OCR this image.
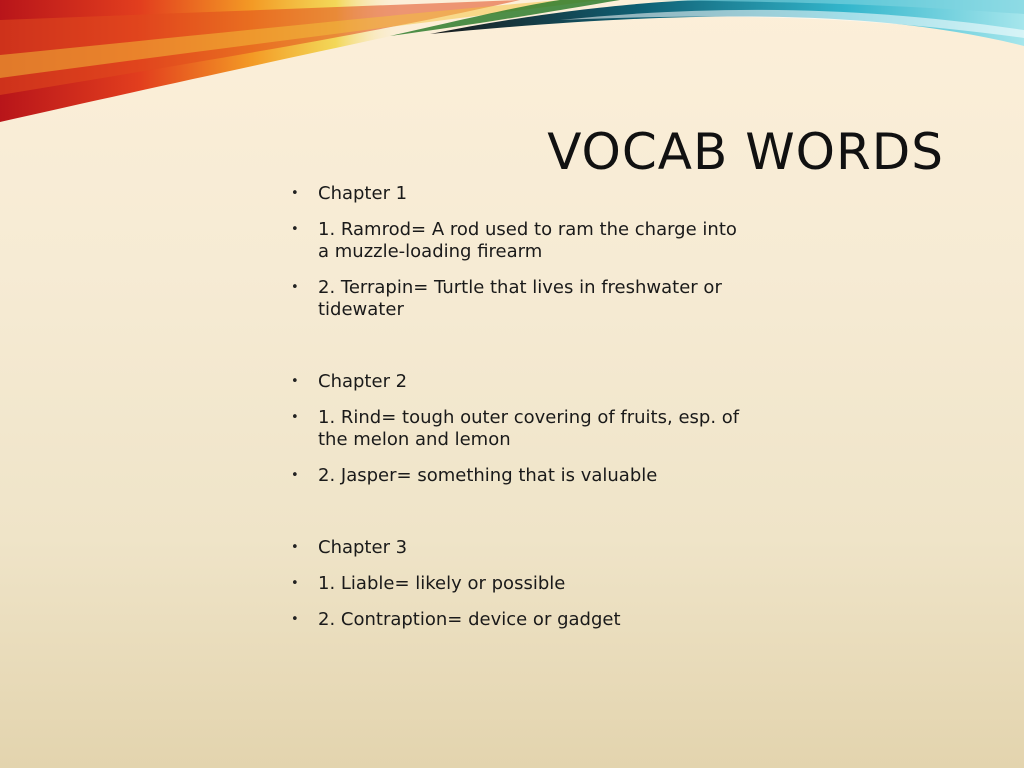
VOCAB WORDS
• Chapter 1
• 1. Ramrod= A rod used to ram the charge into a muzzle-loading firearm
• 2. Terrapin= Turtle that lives in freshwater or tidewater
• Chapter 2
• 1. Rind= tough outer covering of fruits, esp. of the melon and lemon
• 2. Jasper= something that is valuable
• Chapter 3
• 1. Liable= likely or possible
• 2. Contraption= device or gadget
